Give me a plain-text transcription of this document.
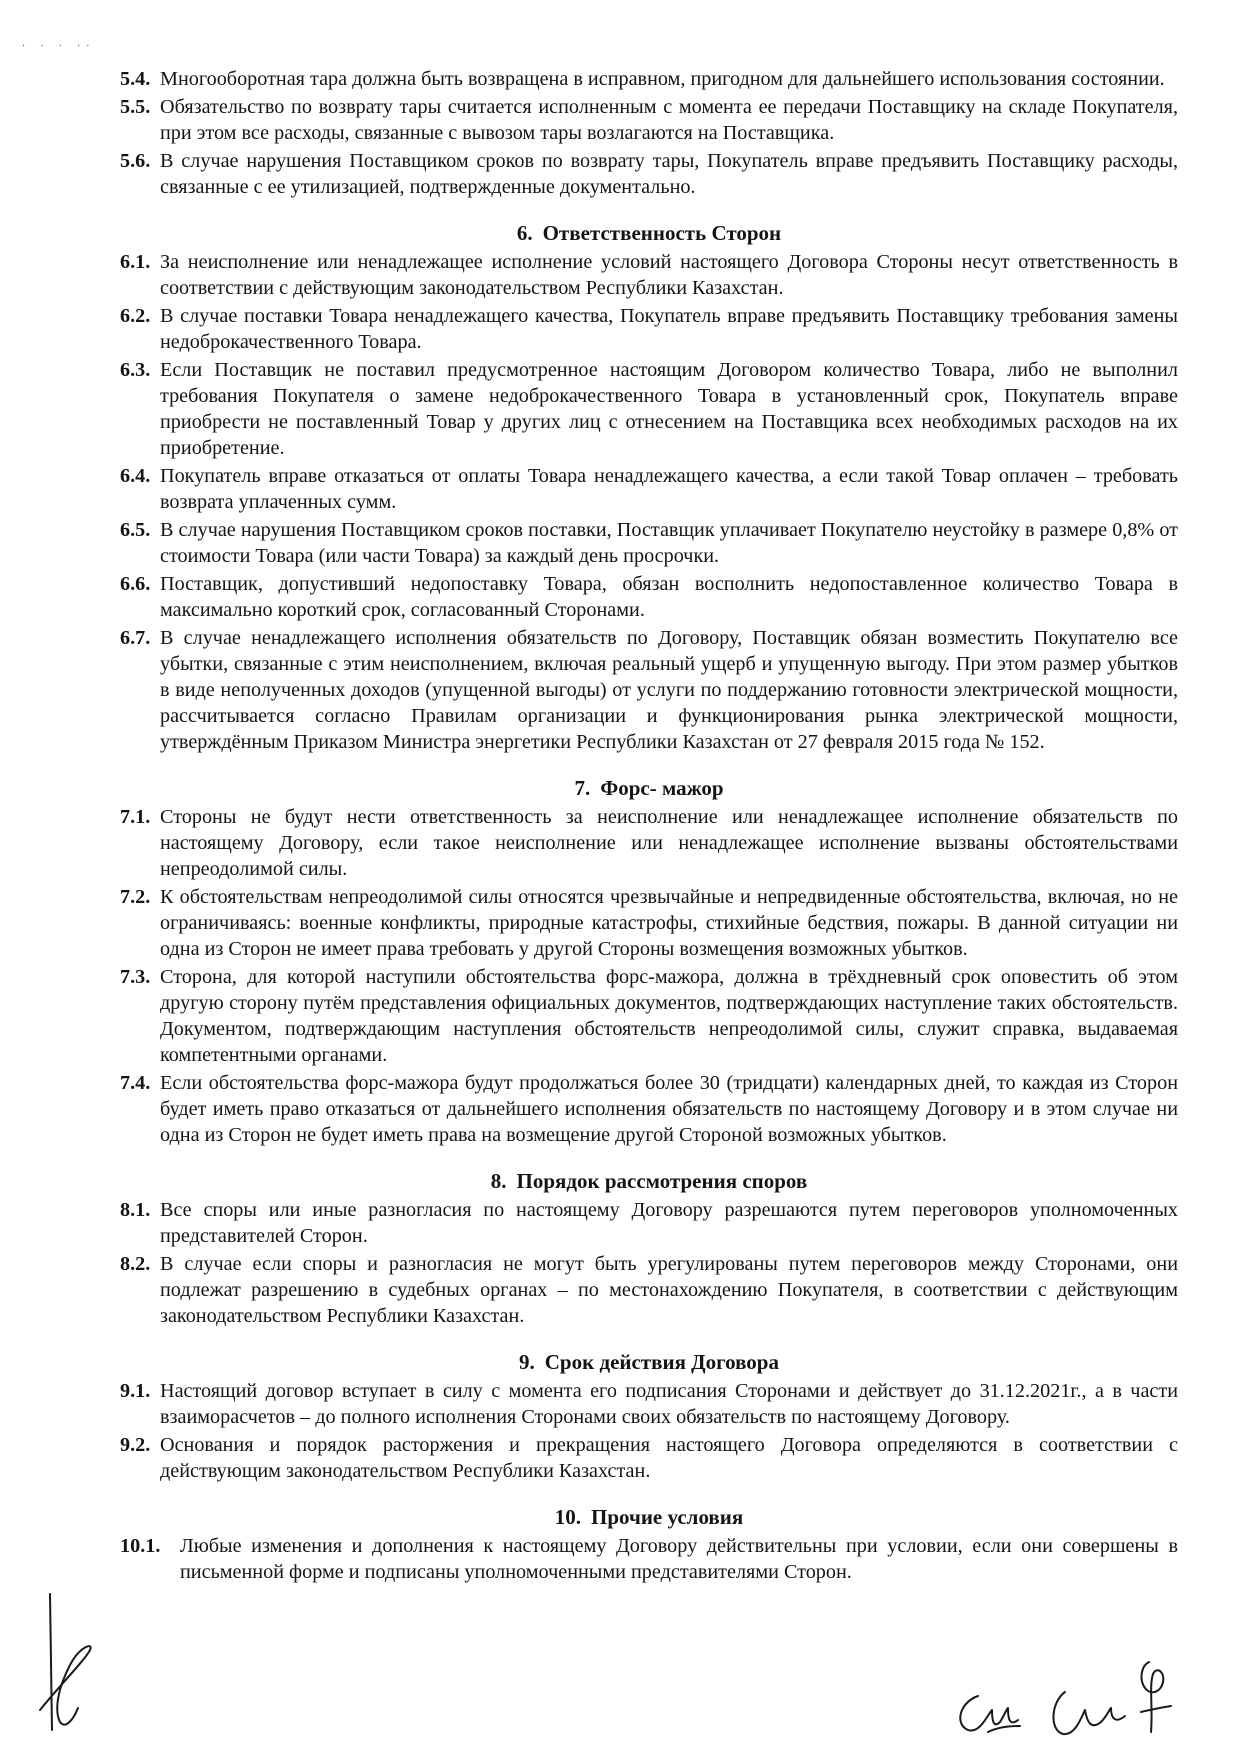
. . . ..
5.4. Многооборотная тара должна быть возвращена в исправном, пригодном для дальнейшего использования состоянии.
5.5. Обязательство по возврату тары считается исполненным с момента ее передачи Поставщику на складе Покупателя, при этом все расходы, связанные с вывозом тары возлагаются на Поставщика.
5.6. В случае нарушения Поставщиком сроков по возврату тары, Покупатель вправе предъявить Поставщику расходы, связанные с ее утилизацией, подтвержденные документально.
6. Ответственность Сторон
6.1. За неисполнение или ненадлежащее исполнение условий настоящего Договора Стороны несут ответственность в соответствии с действующим законодательством Республики Казахстан.
6.2. В случае поставки Товара ненадлежащего качества, Покупатель вправе предъявить Поставщику требования замены недоброкачественного Товара.
6.3. Если Поставщик не поставил предусмотренное настоящим Договором количество Товара, либо не выполнил требования Покупателя о замене недоброкачественного Товара в установленный срок, Покупатель вправе приобрести не поставленный Товар у других лиц с отнесением на Поставщика всех необходимых расходов на их приобретение.
6.4. Покупатель вправе отказаться от оплаты Товара ненадлежащего качества, а если такой Товар оплачен – требовать возврата уплаченных сумм.
6.5. В случае нарушения Поставщиком сроков поставки, Поставщик уплачивает Покупателю неустойку в размере 0,8% от стоимости Товара (или части Товара) за каждый день просрочки.
6.6. Поставщик, допустивший недопоставку Товара, обязан восполнить недопоставленное количество Товара в максимально короткий срок, согласованный Сторонами.
6.7. В случае ненадлежащего исполнения обязательств по Договору, Поставщик обязан возместить Покупателю все убытки, связанные с этим неисполнением, включая реальный ущерб и упущенную выгоду. При этом размер убытков в виде неполученных доходов (упущенной выгоды) от услуги по поддержанию готовности электрической мощности, рассчитывается согласно Правилам организации и функционирования рынка электрической мощности, утверждённым Приказом Министра энергетики Республики Казахстан от 27 февраля 2015 года № 152.
7. Форс- мажор
7.1. Стороны не будут нести ответственность за неисполнение или ненадлежащее исполнение обязательств по настоящему Договору, если такое неисполнение или ненадлежащее исполнение вызваны обстоятельствами непреодолимой силы.
7.2. К обстоятельствам непреодолимой силы относятся чрезвычайные и непредвиденные обстоятельства, включая, но не ограничиваясь: военные конфликты, природные катастрофы, стихийные бедствия, пожары. В данной ситуации ни одна из Сторон не имеет права требовать у другой Стороны возмещения возможных убытков.
7.3. Сторона, для которой наступили обстоятельства форс-мажора, должна в трёхдневный срок оповестить об этом другую сторону путём представления официальных документов, подтверждающих наступление таких обстоятельств. Документом, подтверждающим наступления обстоятельств непреодолимой силы, служит справка, выдаваемая компетентными органами.
7.4. Если обстоятельства форс-мажора будут продолжаться более 30 (тридцати) календарных дней, то каждая из Сторон будет иметь право отказаться от дальнейшего исполнения обязательств по настоящему Договору и в этом случае ни одна из Сторон не будет иметь права на возмещение другой Стороной возможных убытков.
8. Порядок рассмотрения споров
8.1. Все споры или иные разногласия по настоящему Договору разрешаются путем переговоров уполномоченных представителей Сторон.
8.2. В случае если споры и разногласия не могут быть урегулированы путем переговоров между Сторонами, они подлежат разрешению в судебных органах – по местонахождению Покупателя, в соответствии с действующим законодательством Республики Казахстан.
9. Срок действия Договора
9.1. Настоящий договор вступает в силу с момента его подписания Сторонами и действует до 31.12.2021г., а в части взаиморасчетов – до полного исполнения Сторонами своих обязательств по настоящему Договору.
9.2. Основания и порядок расторжения и прекращения настоящего Договора определяются в соответствии с действующим законодательством Республики Казахстан.
10. Прочие условия
10.1. Любые изменения и дополнения к настоящему Договору действительны при условии, если они совершены в письменной форме и подписаны уполномоченными представителями Сторон.
